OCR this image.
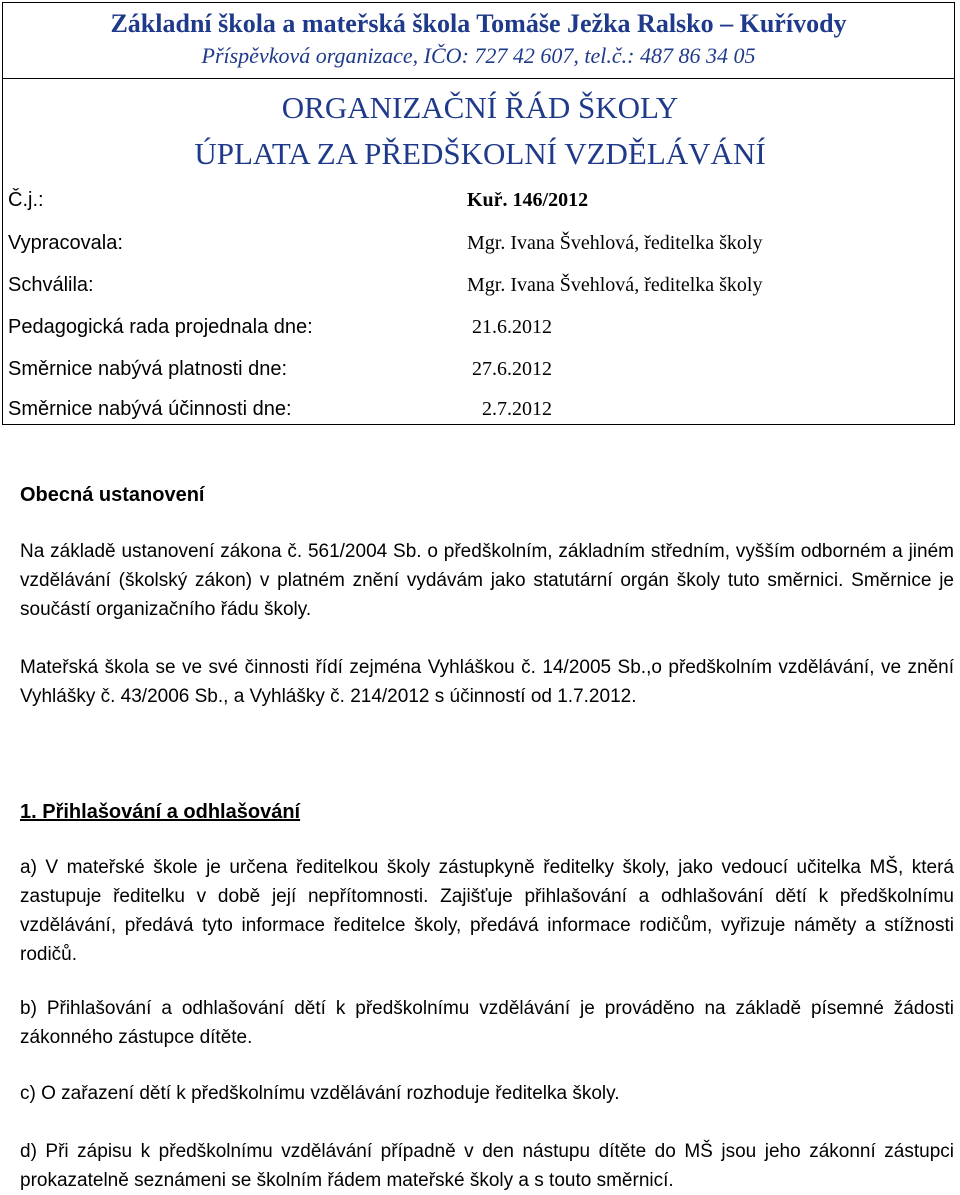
Základní škola a mateřská škola Tomáše Ježka Ralsko – Kuřívody
Příspěvková organizace, IČO: 727 42 607, tel.č.: 487 86 34 05
ORGANIZAČNÍ ŘÁD ŠKOLY
ÚPLATA ZA PŘEDŠKOLNÍ VZDĚLÁVÁNÍ
Č.j.:	Kuř. 146/2012
Vypracovala:	Mgr. Ivana Švehlová, ředitelka školy
Schválila:	Mgr. Ivana Švehlová, ředitelka školy
Pedagogická rada projednala dne:	21.6.2012
Směrnice nabývá platnosti dne:	27.6.2012
Směrnice nabývá účinnosti dne:	2.7.2012
Obecná ustanovení
Na základě ustanovení zákona č. 561/2004 Sb. o předškolním, základním středním, vyšším odborném a jiném vzdělávání (školský zákon) v platném znění vydávám jako statutární orgán školy tuto směrnici. Směrnice je součástí organizačního řádu školy.
Mateřská škola se ve své činnosti řídí zejména Vyhláškou č. 14/2005 Sb.,o předškolním vzdělávání, ve znění Vyhlášky č. 43/2006 Sb., a Vyhlášky č. 214/2012 s účinností od 1.7.2012.
1. Přihlašování a odhlašování
a) V mateřské škole je určena ředitelkou školy zástupkyně ředitelky školy, jako vedoucí učitelka MŠ, která zastupuje ředitelku v době její nepřítomnosti. Zajišťuje přihlašování a odhlašování dětí k předškolnímu vzdělávání, předává tyto informace ředitelce školy, předává informace rodičům, vyřizuje náměty a stížnosti rodičů.
b) Přihlašování a odhlašování dětí k předškolnímu vzdělávání je prováděno na základě písemné žádosti zákonného zástupce dítěte.
c) O zařazení dětí k předškolnímu vzdělávání rozhoduje ředitelka školy.
d) Při zápisu k předškolnímu vzdělávání případně v den nástupu dítěte do MŠ jsou jeho zákonní zástupci prokazatelně seznámeni se školním řádem mateřské školy a s touto směrnicí.
